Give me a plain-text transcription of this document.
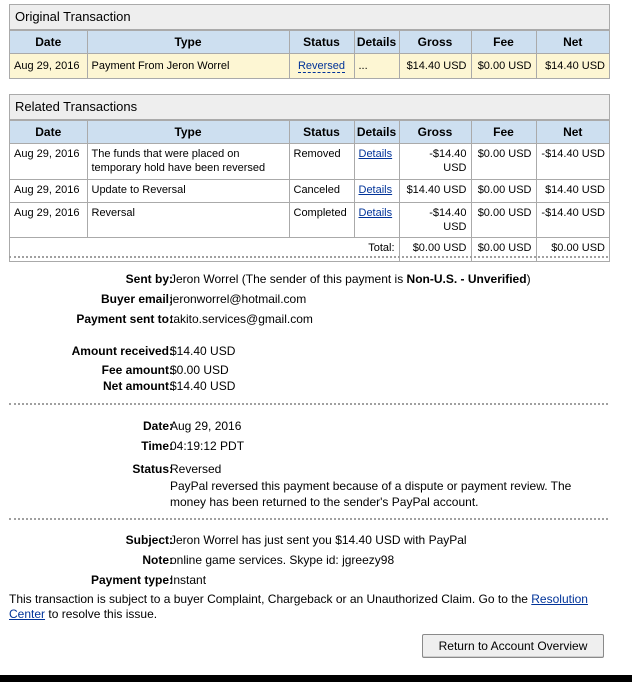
Original Transaction
Date	Type	Status	Details	Gross	Fee	Net
Aug 29, 2016	Payment From Jeron Worrel	Reversed	...	$14.40 USD	$0.00 USD	$14.40 USD
Related Transactions
Date	Type	Status	Details	Gross	Fee	Net
Aug 29, 2016	The funds that were placed on temporary hold have been reversed	Removed	Details	-$14.40 USD	$0.00 USD	-$14.40 USD
Aug 29, 2016	Update to Reversal	Canceled	Details	$14.40 USD	$0.00 USD	$14.40 USD
Aug 29, 2016	Reversal	Completed	Details	-$14.40 USD	$0.00 USD	-$14.40 USD
Total:				$0.00 USD	$0.00 USD	$0.00 USD
Sent by:
Jeron Worrel (The sender of this payment is Non-U.S. - Unverified)
Buyer email:
jeronworrel@hotmail.com
Payment sent to:
takito.services@gmail.com
Amount received:
$14.40 USD
Fee amount:
$0.00 USD
Net amount:
$14.40 USD
Date:
Aug 29, 2016
Time:
04:19:12 PDT
Status:
Reversed
PayPal reversed this payment because of a dispute or payment review. The money has been returned to the sender's PayPal account.
Subject:
Jeron Worrel has just sent you $14.40 USD with PayPal
Note:
online game services. Skype id: jgreezy98
Payment type:
Instant
This transaction is subject to a buyer Complaint, Chargeback or an Unauthorized Claim. Go to the Resolution Center to resolve this issue.
Return to Account Overview
